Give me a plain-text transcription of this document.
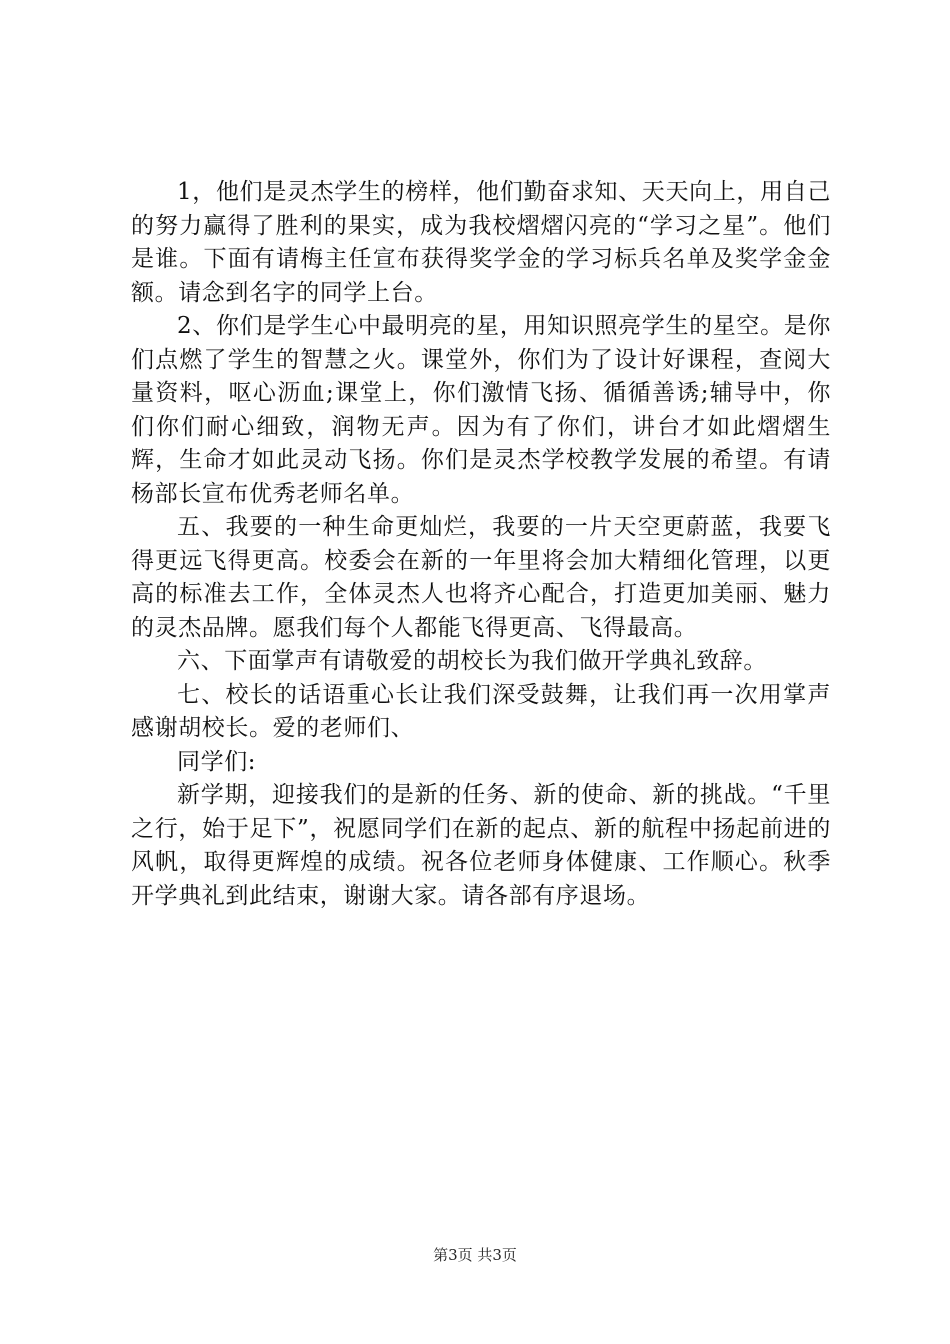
1，他们是灵杰学生的榜样，他们勤奋求知、天天向上，用自己的努力赢得了胜利的果实，成为我校熠熠闪亮的“学习之星”。他们是谁。下面有请梅主任宣布获得奖学金的学习标兵名单及奖学金金额。请念到名字的同学上台。

2、你们是学生心中最明亮的星，用知识照亮学生的星空。是你们点燃了学生的智慧之火。课堂外，你们为了设计好课程，查阅大量资料，呕心沥血;课堂上，你们激情飞扬、循循善诱;辅导中，你们你们耐心细致，润物无声。因为有了你们，讲台才如此熠熠生辉，生命才如此灵动飞扬。你们是灵杰学校教学发展的希望。有请杨部长宣布优秀老师名单。

五、我要的一种生命更灿烂，我要的一片天空更蔚蓝，我要飞得更远飞得更高。校委会在新的一年里将会加大精细化管理，以更高的标准去工作，全体灵杰人也将齐心配合，打造更加美丽、魅力的灵杰品牌。愿我们每个人都能飞得更高、飞得最高。

六、下面掌声有请敬爱的胡校长为我们做开学典礼致辞。

七、校长的话语重心长让我们深受鼓舞，让我们再一次用掌声感谢胡校长。爱的老师们、

同学们:

新学期，迎接我们的是新的任务、新的使命、新的挑战。“千里之行，始于足下”，祝愿同学们在新的起点、新的航程中扬起前进的风帆，取得更辉煌的成绩。祝各位老师身体健康、工作顺心。秋季开学典礼到此结束，谢谢大家。请各部有序退场。

第3页 共3页
